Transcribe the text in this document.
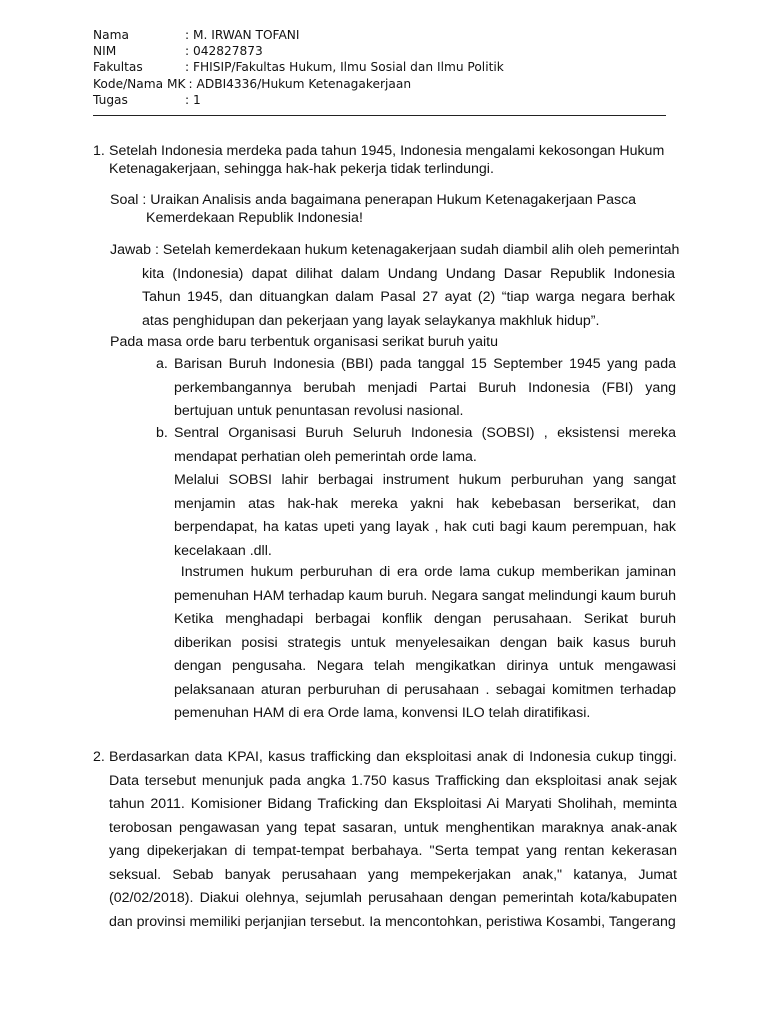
Nama	: M. IRWAN TOFANI
NIM	: 042827873
Fakultas	: FHISIP/Fakultas Hukum, Ilmu Sosial dan Ilmu Politik
Kode/Nama MK : ADBI4336/Hukum Ketenagakerjaan
Tugas	: 1
1. Setelah Indonesia merdeka pada tahun 1945, Indonesia mengalami kekosongan Hukum Ketenagakerjaan, sehingga hak-hak pekerja tidak terlindungi.
Soal : Uraikan Analisis anda bagaimana penerapan Hukum Ketenagakerjaan Pasca
Kemerdekaan Republik Indonesia!
Jawab : Setelah kemerdekaan hukum ketenagakerjaan sudah diambil alih oleh pemerintah
kita (Indonesia) dapat dilihat dalam Undang Undang Dasar Republik Indonesia Tahun 1945, dan dituangkan dalam Pasal 27 ayat (2) “tiap warga negara berhak atas penghidupan dan pekerjaan yang layak selaykanya makhluk hidup”.
Pada masa orde baru terbentuk organisasi serikat buruh yaitu
a. Barisan Buruh Indonesia (BBI) pada tanggal 15 September 1945 yang pada perkembangannya berubah menjadi Partai Buruh Indonesia (FBI) yang bertujuan untuk penuntasan revolusi nasional.
b. Sentral Organisasi Buruh Seluruh Indonesia (SOBSI) , eksistensi mereka mendapat perhatian oleh pemerintah orde lama.
Melalui SOBSI lahir berbagai instrument hukum perburuhan yang sangat menjamin atas hak-hak mereka yakni hak kebebasan berserikat, dan berpendapat, ha katas upeti yang layak , hak cuti bagi kaum perempuan, hak kecelakaan .dll.
Instrumen hukum perburuhan di era orde lama cukup memberikan jaminan pemenuhan HAM terhadap kaum buruh. Negara sangat melindungi kaum buruh Ketika menghadapi berbagai konflik dengan perusahaan. Serikat buruh diberikan posisi strategis untuk menyelesaikan dengan baik kasus buruh dengan pengusaha. Negara telah mengikatkan dirinya untuk mengawasi pelaksanaan aturan perburuhan di perusahaan . sebagai komitmen terhadap pemenuhan HAM di era Orde lama, konvensi ILO telah diratifikasi.
2. Berdasarkan data KPAI, kasus trafficking dan eksploitasi anak di Indonesia cukup tinggi. Data tersebut menunjuk pada angka 1.750 kasus Trafficking dan eksploitasi anak sejak tahun 2011. Komisioner Bidang Traficking dan Eksploitasi Ai Maryati Sholihah, meminta terobosan pengawasan yang tepat sasaran, untuk menghentikan maraknya anak-anak yang dipekerjakan di tempat-tempat berbahaya. "Serta tempat yang rentan kekerasan seksual. Sebab banyak perusahaan yang mempekerjakan anak," katanya, Jumat (02/02/2018). Diakui olehnya, sejumlah perusahaan dengan pemerintah kota/kabupaten dan provinsi memiliki perjanjian tersebut. Ia mencontohkan, peristiwa Kosambi, Tangerang
